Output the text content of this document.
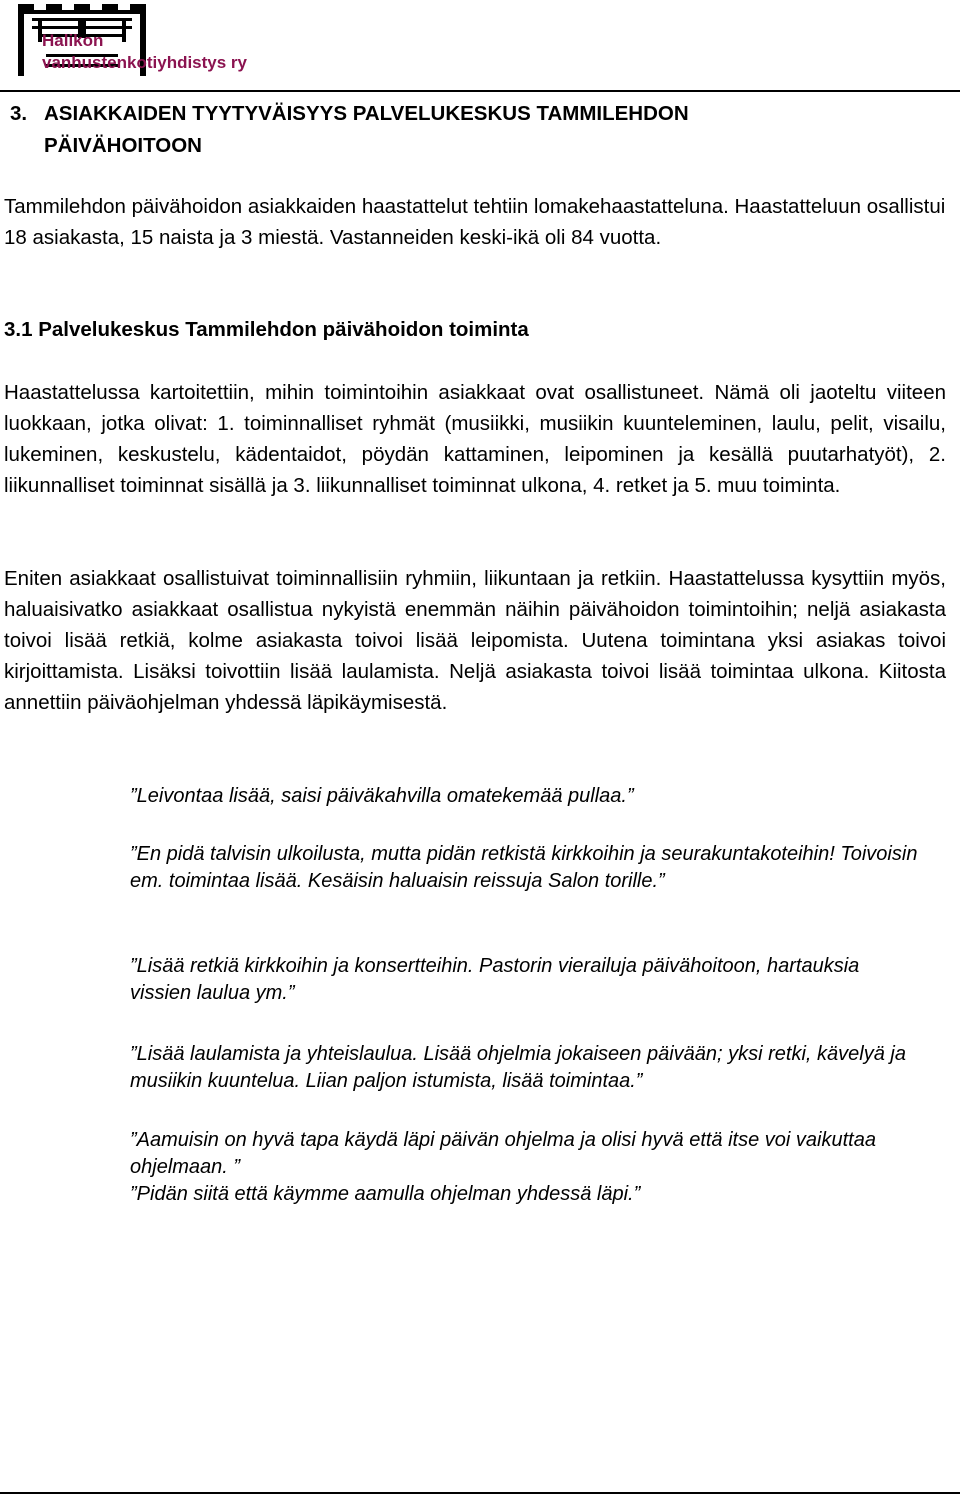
Halikon
vanhustenkotiyhdistys ry
3. ASIAKKAIDEN TYYTYVÄISYYS PALVELUKESKUS TAMMILEHDON
PÄIVÄHOITOON
Tammilehdon päivähoidon asiakkaiden haastattelut tehtiin lomakehaastatteluna. Haastatteluun osallistui 18 asiakasta, 15 naista ja 3 miestä. Vastanneiden keski-ikä oli 84 vuotta.
3.1 Palvelukeskus Tammilehdon päivähoidon toiminta
Haastattelussa kartoitettiin, mihin toimintoihin asiakkaat ovat osallistuneet. Nämä oli jaoteltu viiteen luokkaan, jotka olivat: 1. toiminnalliset ryhmät (musiikki, musiikin kuunteleminen, laulu, pelit, visailu, lukeminen, keskustelu, kädentaidot, pöydän kattaminen, leipominen ja kesällä puutarhatyöt), 2. liikunnalliset toiminnat sisällä ja 3. liikunnalliset toiminnat ulkona, 4. retket ja 5. muu toiminta.
Eniten asiakkaat osallistuivat toiminnallisiin ryhmiin, liikuntaan ja retkiin. Haastattelussa kysyttiin myös, haluaisivatko asiakkaat osallistua nykyistä enemmän näihin päivähoidon toimintoihin; neljä asiakasta toivoi lisää retkiä, kolme asiakasta toivoi lisää leipomista. Uutena toimintana yksi asiakas toivoi kirjoittamista. Lisäksi toivottiin lisää laulamista. Neljä asiakasta toivoi lisää toimintaa ulkona. Kiitosta annettiin päiväohjelman yhdessä läpikäymisestä.
”Leivontaa lisää, saisi päiväkahvilla omatekemää pullaa.”
”En pidä talvisin ulkoilusta, mutta pidän retkistä kirkkoihin ja seurakuntakoteihin! Toivoisin em. toimintaa lisää. Kesäisin haluaisin reissuja Salon torille.”
”Lisää retkiä kirkkoihin ja konsertteihin. Pastorin vierailuja päivähoitoon, hartauksia vissien laulua ym.”
”Lisää laulamista ja yhteislaulua. Lisää ohjelmia jokaiseen päivään; yksi retki, kävelyä ja musiikin kuuntelua. Liian paljon istumista, lisää toimintaa.”
”Aamuisin on hyvä tapa käydä läpi päivän ohjelma ja olisi hyvä että itse voi vaikuttaa ohjelmaan. ”
”Pidän siitä että käymme aamulla ohjelman yhdessä läpi.”
